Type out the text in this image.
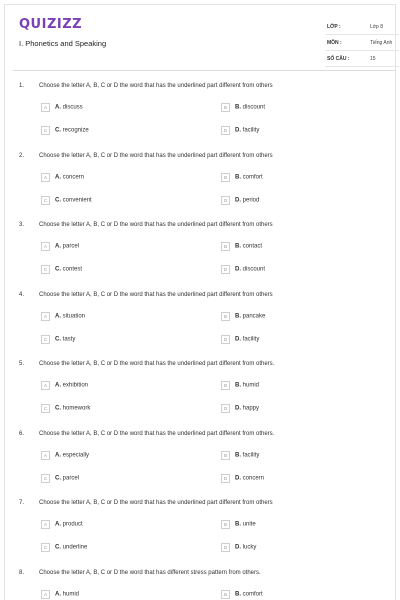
QUIZIZZ
I. Phonetics and Speaking
LỚP :	Lớp 8
MÔN :	Tiếng Anh
SỐ CÂU :	15
1. Choose the letter A, B, C or D the word that has the underlined part different from others
A A. discuss	B B. discount
C C. recognize	D D. facility
2. Choose the letter A, B, C or D the word that has the underlined part different from others
A A. concern	B B. comfort
C C. convenient	D D. period
3. Choose the letter A, B, C or D the word that has the underlined part different from others
A A. parcel	B B. contact
C C. contest	D D. discount
4. Choose the letter A, B, C or D the word that has the underlined part different from others
A A. situation	B B. pancake
C C. tasty	D D. facility
5. Choose the letter A, B, C or D the word that has the underlined part different from others.
A A. exhibition	B B. humid
C C. homework	D D. happy
6. Choose the letter A, B, C or D the word that has the underlined part different from others.
A A. especially	B B. facility
C C. parcel	D D. concern
7. Choose the letter A, B, C or D the word that has the underlined part different from others
A A. product	B B. unite
C C. underline	D D. lucky
8. Choose the letter A, B, C or D the word that has different stress pattern from others.
A A. humid	B B. comfort
